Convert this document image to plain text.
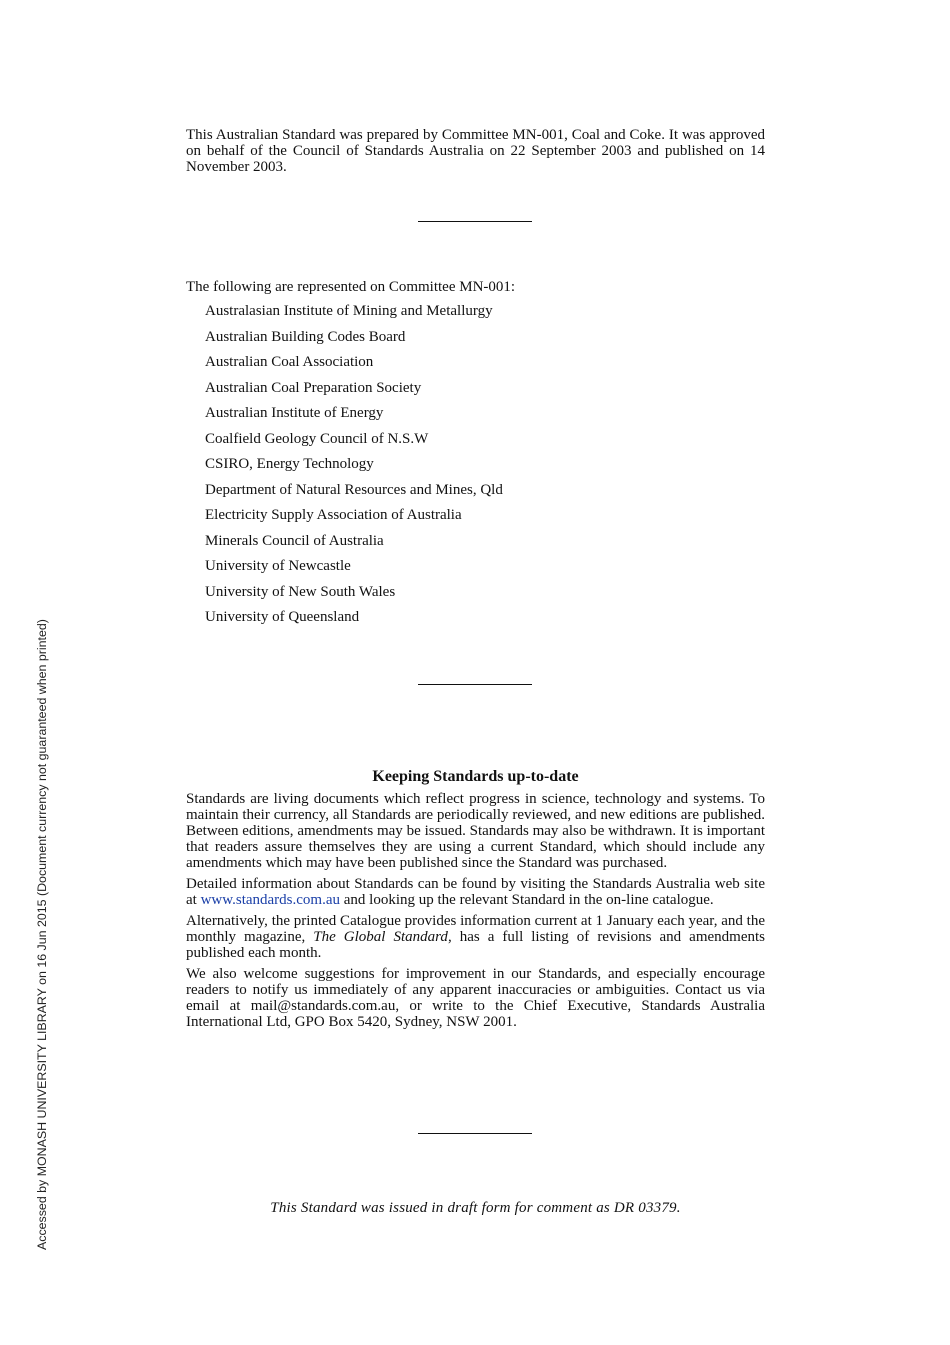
Accessed by MONASH UNIVERSITY LIBRARY on 16 Jun 2015 (Document currency not guaranteed when printed)
This Australian Standard was prepared by Committee MN-001, Coal and Coke. It was approved on behalf of the Council of Standards Australia on 22 September 2003 and published on 14 November 2003.
The following are represented on Committee MN-001:
Australasian Institute of Mining and Metallurgy
Australian Building Codes Board
Australian Coal Association
Australian Coal Preparation Society
Australian Institute of Energy
Coalfield Geology Council of N.S.W
CSIRO, Energy Technology
Department of Natural Resources and Mines, Qld
Electricity Supply Association of Australia
Minerals Council of Australia
University of Newcastle
University of New South Wales
University of Queensland
Keeping Standards up-to-date

Standards are living documents which reflect progress in science, technology and systems. To maintain their currency, all Standards are periodically reviewed, and new editions are published. Between editions, amendments may be issued. Standards may also be withdrawn. It is important that readers assure themselves they are using a current Standard, which should include any amendments which may have been published since the Standard was purchased.

Detailed information about Standards can be found by visiting the Standards Australia web site at www.standards.com.au and looking up the relevant Standard in the on-line catalogue.

Alternatively, the printed Catalogue provides information current at 1 January each year, and the monthly magazine, The Global Standard, has a full listing of revisions and amendments published each month.

We also welcome suggestions for improvement in our Standards, and especially encourage readers to notify us immediately of any apparent inaccuracies or ambiguities. Contact us via email at mail@standards.com.au, or write to the Chief Executive, Standards Australia International Ltd, GPO Box 5420, Sydney, NSW 2001.

This Standard was issued in draft form for comment as DR 03379.
